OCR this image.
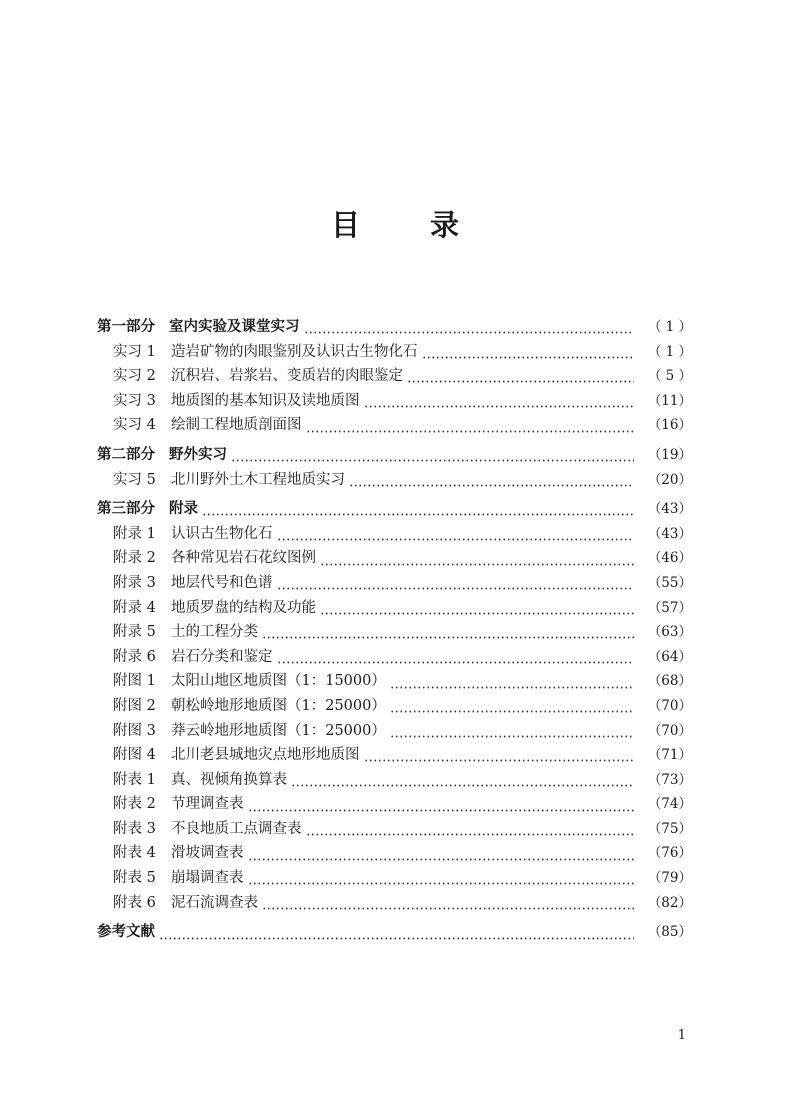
目 录
第一部分 室内实验及课堂实习	（ 1 ）
实习 1	造岩矿物的肉眼鉴别及认识古生物化石	（ 1 ）
实习 2	沉积岩、岩浆岩、变质岩的肉眼鉴定	（ 5 ）
实习 3	地质图的基本知识及读地质图	（11）
实习 4	绘制工程地质剖面图	（16）
第二部分 野外实习	（19）
实习 5	北川野外土木工程地质实习	（20）
第三部分 附录	（43）
附录 1	认识古生物化石	（43）
附录 2	各种常见岩石花纹图例	（46）
附录 3	地层代号和色谱	（55）
附录 4	地质罗盘的结构及功能	（57）
附录 5	土的工程分类	（63）
附录 6	岩石分类和鉴定	（64）
附图 1	太阳山地区地质图（1：15000）	（68）
附图 2	朝松岭地形地质图（1：25000）	（70）
附图 3	莽云岭地形地质图（1：25000）	（70）
附图 4	北川老县城地灾点地形地质图	（71）
附表 1	真、视倾角换算表	（73）
附表 2	节理调查表	（74）
附表 3	不良地质工点调查表	（75）
附表 4	滑坡调查表	（76）
附表 5	崩塌调查表	（79）
附表 6	泥石流调查表	（82）
参考文献	（85）
1
